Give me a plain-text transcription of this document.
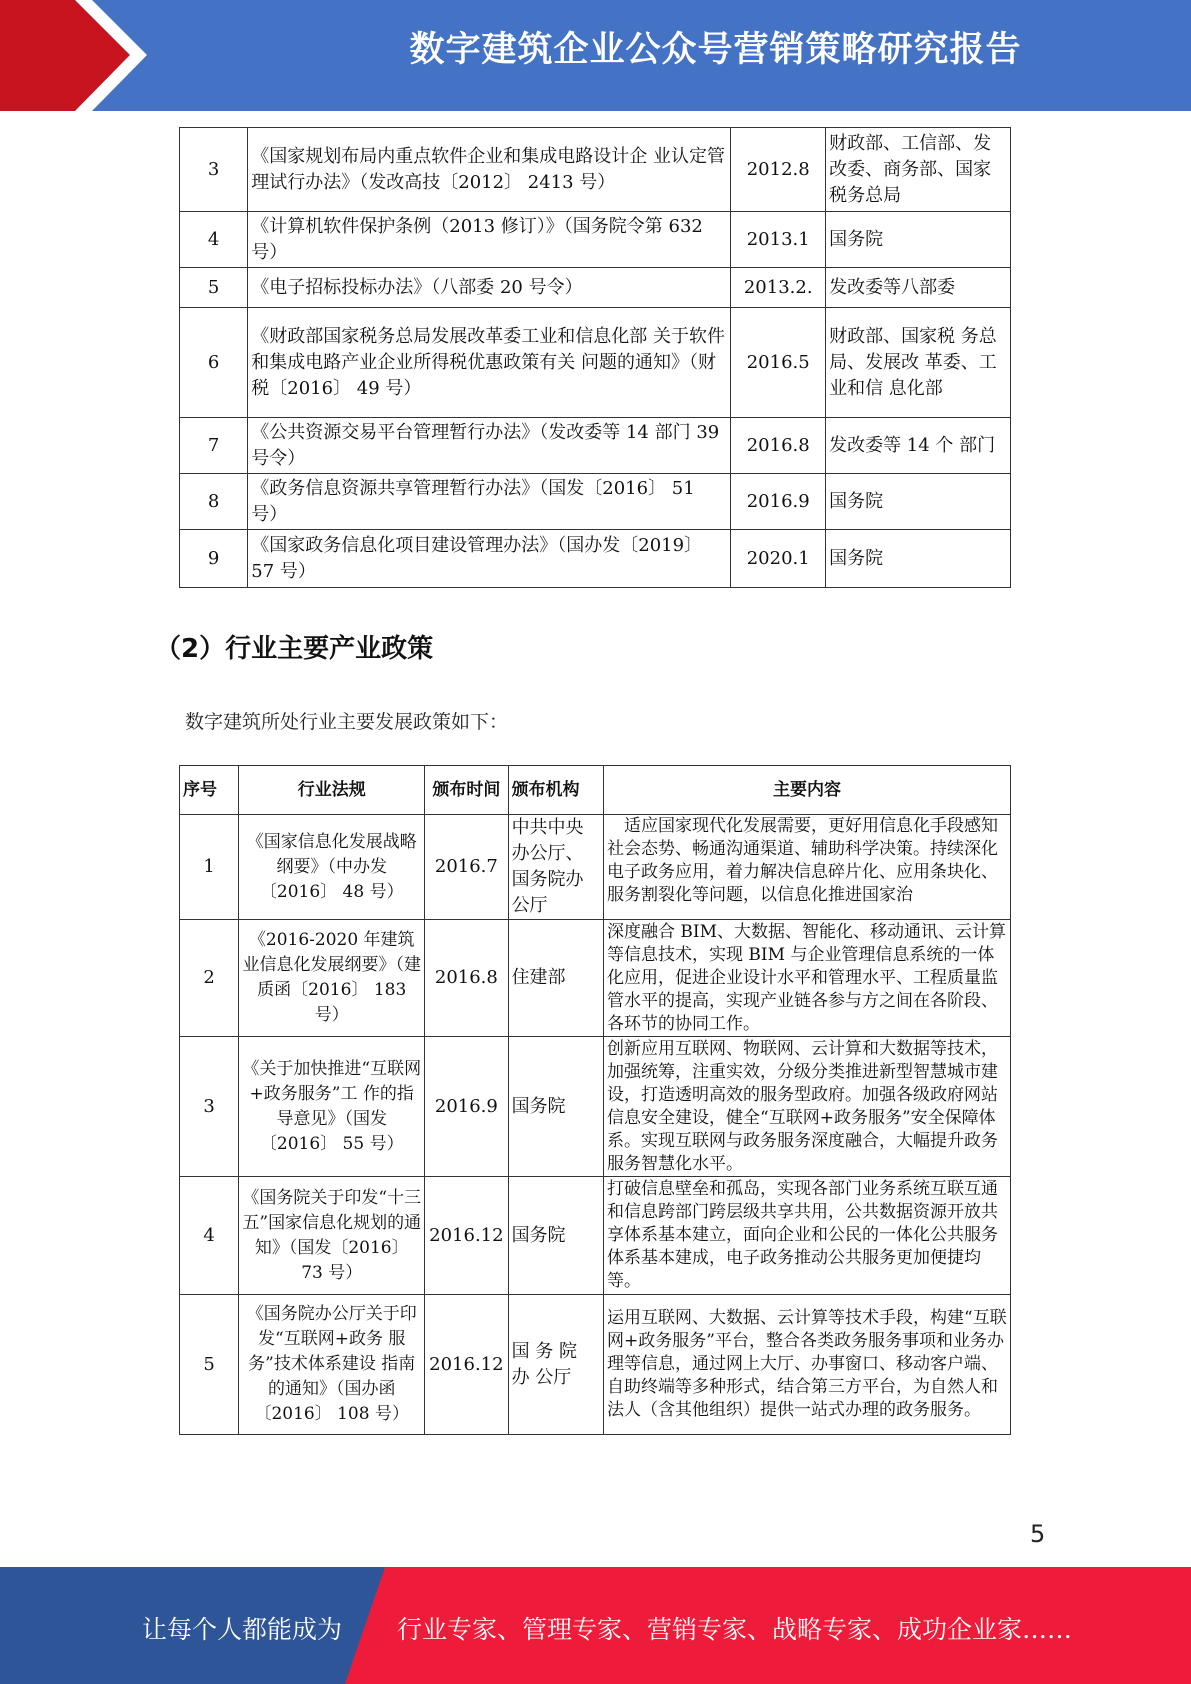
数字建筑企业公众号营销策略研究报告
3	《国家规划布局内重点软件企业和集成电路设计企 业认定管理试行办法》（发改高技〔2012〕 2413 号）	2012.8	财政部、工信部、发改委、商务部、国家税务总局
4	《计算机软件保护条例（2013 修订）》（国务院令第 632 号）	2013.1	国务院
5	《电子招标投标办法》（八部委 20 号令）	2013.2.	发改委等八部委
6	《财政部国家税务总局发展改革委工业和信息化部 关于软件和集成电路产业企业所得税优惠政策有关 问题的通知》（财税〔2016〕 49 号）	2016.5	财政部、国家税 务总局、发展改 革委、工业和信 息化部
7	《公共资源交易平台管理暂行办法》（发改委等 14 部门 39 号令）	2016.8	发改委等 14 个 部门
8	《政务信息资源共享管理暂行办法》（国发〔2016〕 51 号）	2016.9	国务院
9	《国家政务信息化项目建设管理办法》（国办发〔2019〕 57 号）	2020.1	国务院
（2）行业主要产业政策
数字建筑所处行业主要发展政策如下：
序号	行业法规	颁布时间	颁布机构	主要内容
1	《国家信息化发展战略纲要》（中办发〔2016〕 48 号）	2016.7	中共中央办公厅、国务院办公厅	适应国家现代化发展需要，更好用信息化手段感知社会态势、畅通沟通渠道、辅助科学决策。持续深化电子政务应用，着力解决信息碎片化、应用条块化、服务割裂化等问题，以信息化推进国家治

2	《2016-2020 年建筑 业信息化发展纲要》（建质函〔2016〕 183 号）	2016.8	住建部	深度融合 BIM、大数据、智能化、移动通讯、云计算等信息技术，实现 BIM 与企业管理信息系统的一体化应用，促进企业设计水平和管理水平、工程质量监管水平的提高，实现产业链各参与方之间在各阶段、各环节的协同工作。
3	《关于加快推进“互联网+政务服务”工 作的指导意见》（国发〔2016〕 55 号）	2016.9	国务院	创新应用互联网、物联网、云计算和大数据等技术，加强统筹，注重实效，分级分类推进新型智慧城市建设，打造透明高效的服务型政府。加强各级政府网站信息安全建设，健全“互联网+政务服务”安全保障体系。实现互联网与政务服务深度融合，大幅提升政务服务智慧化水平。
4	《国务院关于印发“十三五”国家信息化规划的通知》（国发〔2016〕 73 号）	2016.12	国务院	打破信息壁垒和孤岛，实现各部门业务系统互联互通和信息跨部门跨层级共享共用，公共数据资源开放共享体系基本建立，面向企业和公民的一体化公共服务体系基本建成，电子政务推动公共服务更加便捷均等。
5	《国务院办公厅关于印发“互联网+政务 服务”技术体系建设 指南的通知》（国办函〔2016〕 108 号）	2016.12	国 务 院 办 公厅	运用互联网、大数据、云计算等技术手段，构建“互联网+政务服务”平台，整合各类政务服务事项和业务办理等信息，通过网上大厅、办事窗口、移动客户端、自助终端等多种形式，结合第三方平台，为自然人和法人（含其他组织）提供一站式办理的政务服务。
5
让每个人都能成为 行业专家、管理专家、营销专家、战略专家、成功企业家……
